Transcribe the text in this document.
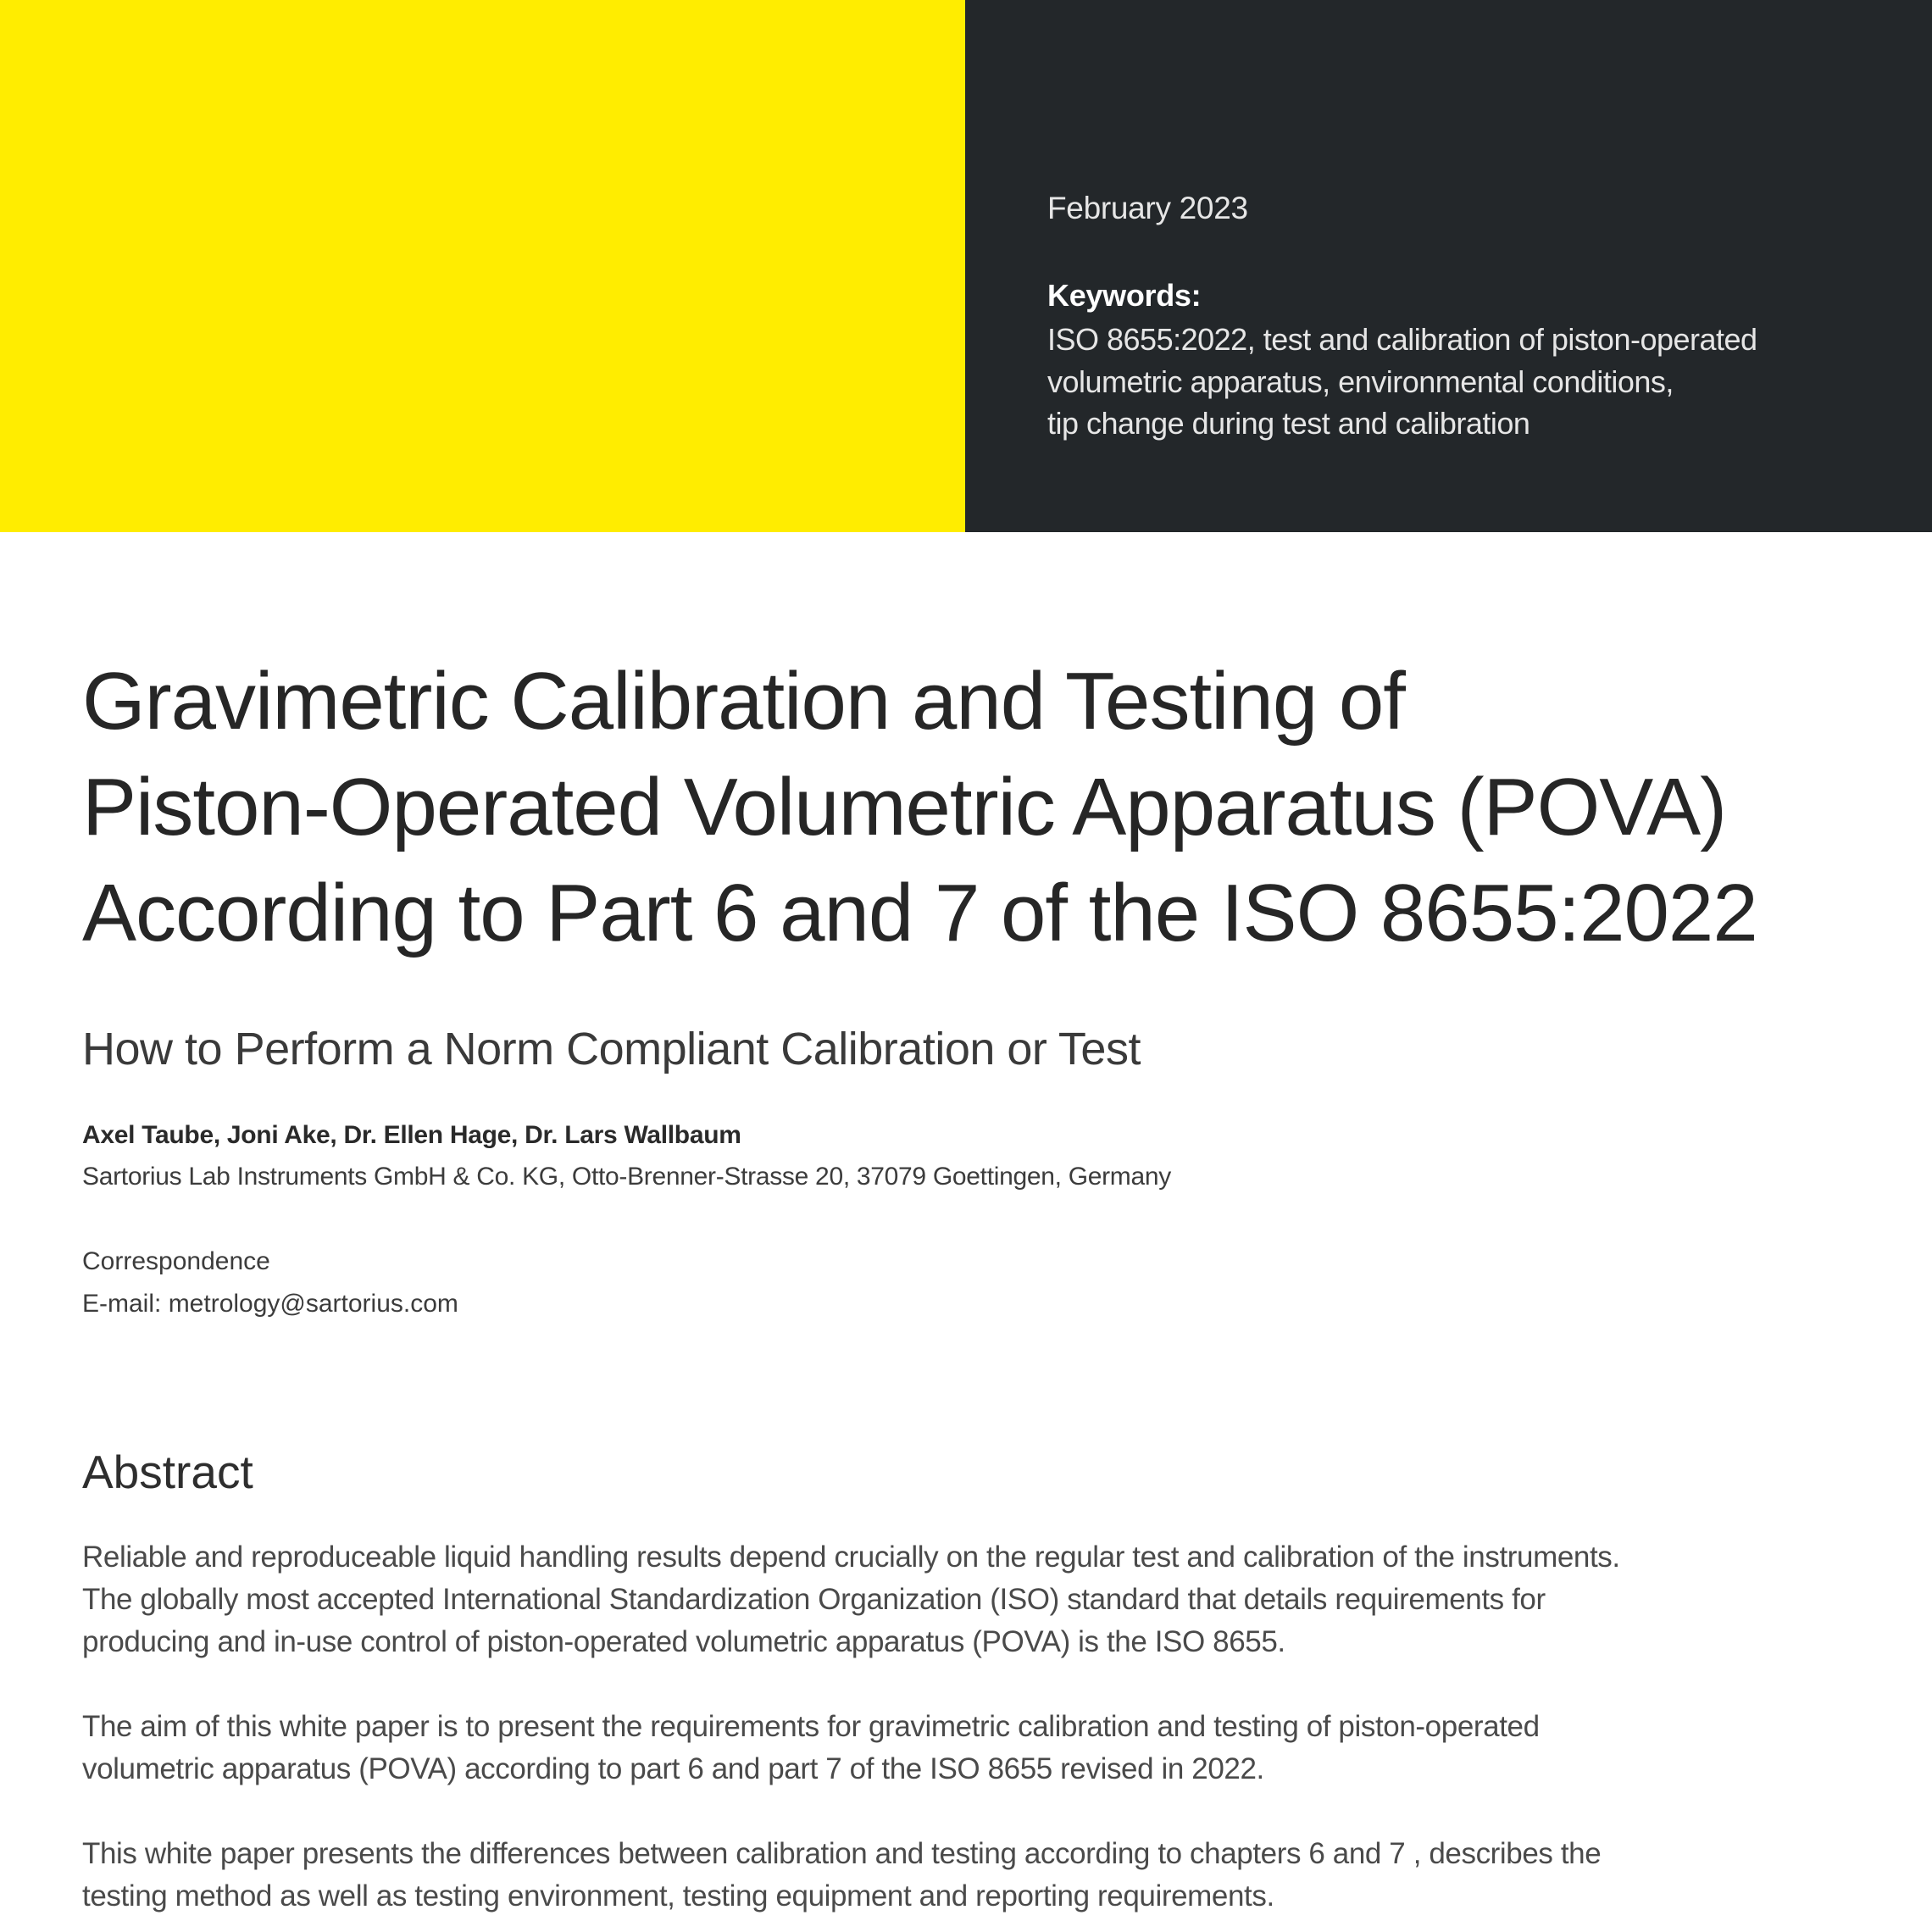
February 2023
Keywords:
ISO 8655:2022, test and calibration of piston-operated
volumetric apparatus, environmental conditions,
tip change during test and calibration
Gravimetric Calibration and Testing of
Piston-Operated Volumetric Apparatus (POVA)
According to Part 6 and 7 of the ISO 8655:2022
How to Perform a Norm Compliant Calibration or Test
Axel Taube, Joni Ake, Dr. Ellen Hage, Dr. Lars Wallbaum
Sartorius Lab Instruments GmbH & Co. KG, Otto-Brenner-Strasse 20, 37079 Goettingen, Germany
Correspondence
E-mail: metrology@sartorius.com
Abstract
Reliable and reproduceable liquid handling results depend crucially on the regular test and calibration of the instruments.
The globally most accepted International Standardization Organization (ISO) standard that details requirements for
producing and in-use control of piston-operated volumetric apparatus (POVA) is the ISO 8655.
The aim of this white paper is to present the requirements for gravimetric calibration and testing of piston-operated
volumetric apparatus (POVA) according to part 6 and part 7 of the ISO 8655 revised in 2022.
This white paper presents the differences between calibration and testing according to chapters 6 and 7 , describes the
testing method as well as testing environment, testing equipment and reporting requirements.
